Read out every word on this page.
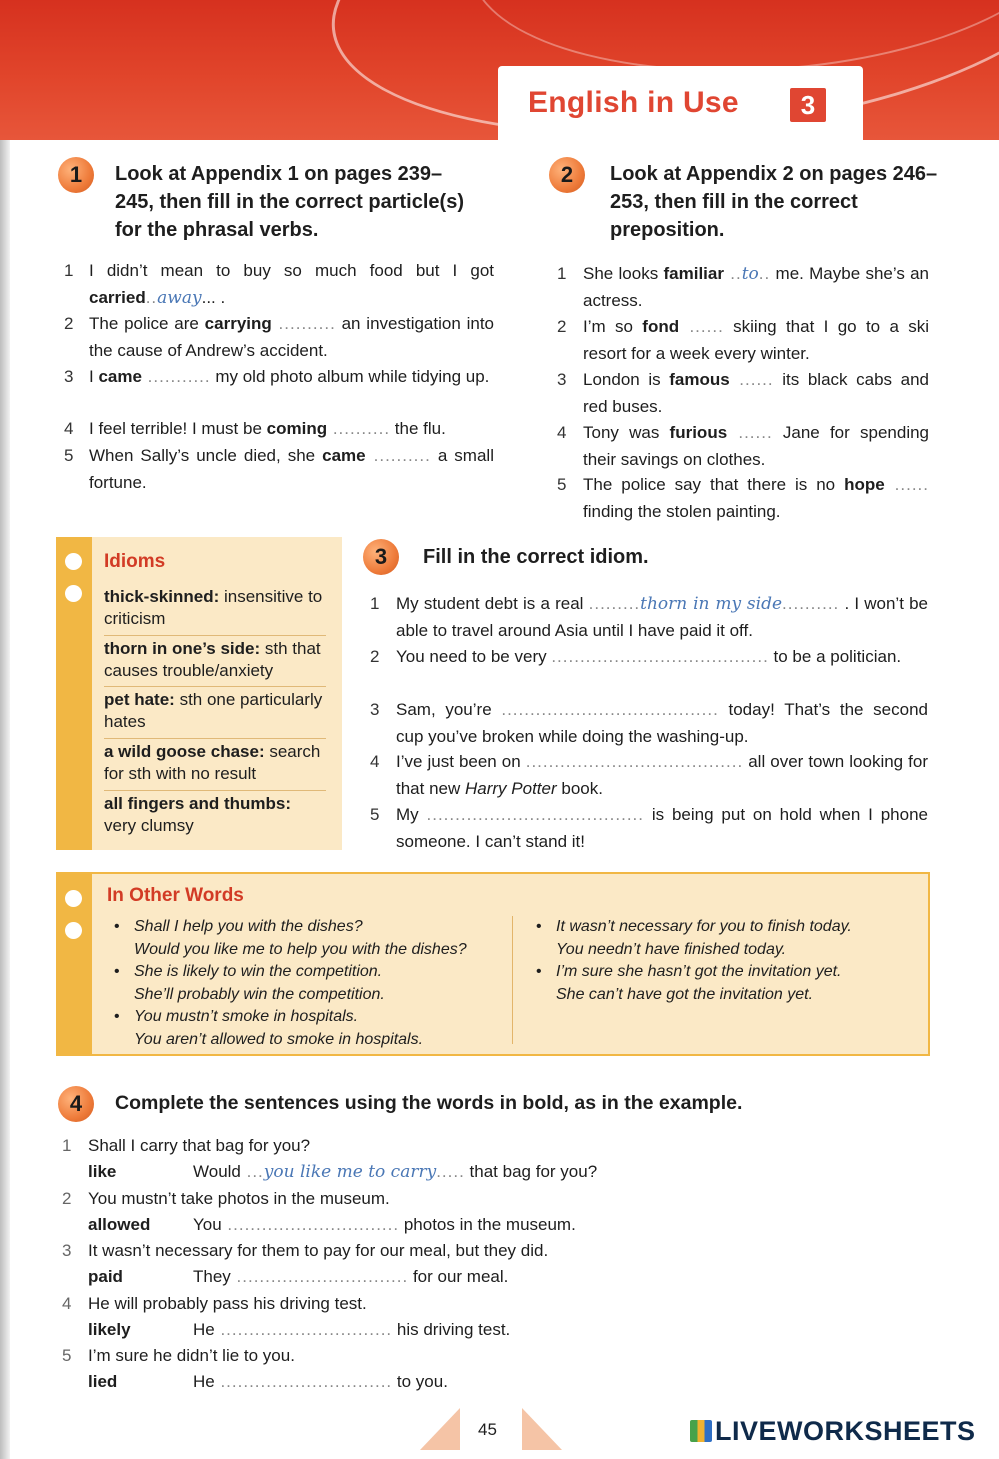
English in Use	3
1	Look at Appendix 1 on pages 239–245, then fill in the correct particle(s) for the phrasal verbs.
1 I didn’t mean to buy so much food but I got carried..away... .
2 The police are carrying .......... an investigation into the cause of Andrew’s accident.
3 I came ........... my old photo album while tidying up.
4 I feel terrible! I must be coming .......... the flu.
5 When Sally’s uncle died, she came .......... a small fortune.
2	Look at Appendix 2 on pages 246–253, then fill in the correct preposition.
1 She looks familiar ..to.. me. Maybe she’s an actress.
2 I’m so fond ...... skiing that I go to a ski resort for a week every winter.
3 London is famous ...... its black cabs and red buses.
4 Tony was furious ...... Jane for spending their savings on clothes.
5 The police say that there is no hope ...... finding the stolen painting.
Idioms
thick-skinned: insensitive to criticism
thorn in one’s side: sth that causes trouble/anxiety
pet hate: sth one particularly hates
a wild goose chase: search for sth with no result
all fingers and thumbs: very clumsy
3	Fill in the correct idiom.
1 My student debt is a real .........thorn in my side.......... . I won’t be able to travel around Asia until I have paid it off.
2 You need to be very ...................................... to be a politician.
3 Sam, you’re ...................................... today! That’s the second cup you’ve broken while doing the washing-up.
4 I’ve just been on ...................................... all over town looking for that new Harry Potter book.
5 My ...................................... is being put on hold when I phone someone. I can’t stand it!
In Other Words
• Shall I help you with the dishes?
Would you like me to help you with the dishes?
• She is likely to win the competition.
She’ll probably win the competition.
• You mustn’t smoke in hospitals.
You aren’t allowed to smoke in hospitals.
• It wasn’t necessary for you to finish today.
You needn’t have finished today.
• I’m sure she hasn’t got the invitation yet.
She can’t have got the invitation yet.
4	Complete the sentences using the words in bold, as in the example.
1 Shall I carry that bag for you?
like	Would ...you like me to carry..... that bag for you?
2 You mustn’t take photos in the museum.
allowed	You .............................. photos in the museum.
3 It wasn’t necessary for them to pay for our meal, but they did.
paid	They .............................. for our meal.
4 He will probably pass his driving test.
likely	He .............................. his driving test.
5 I’m sure he didn’t lie to you.
lied	He .............................. to you.
45	LIVEWORKSHEETS
